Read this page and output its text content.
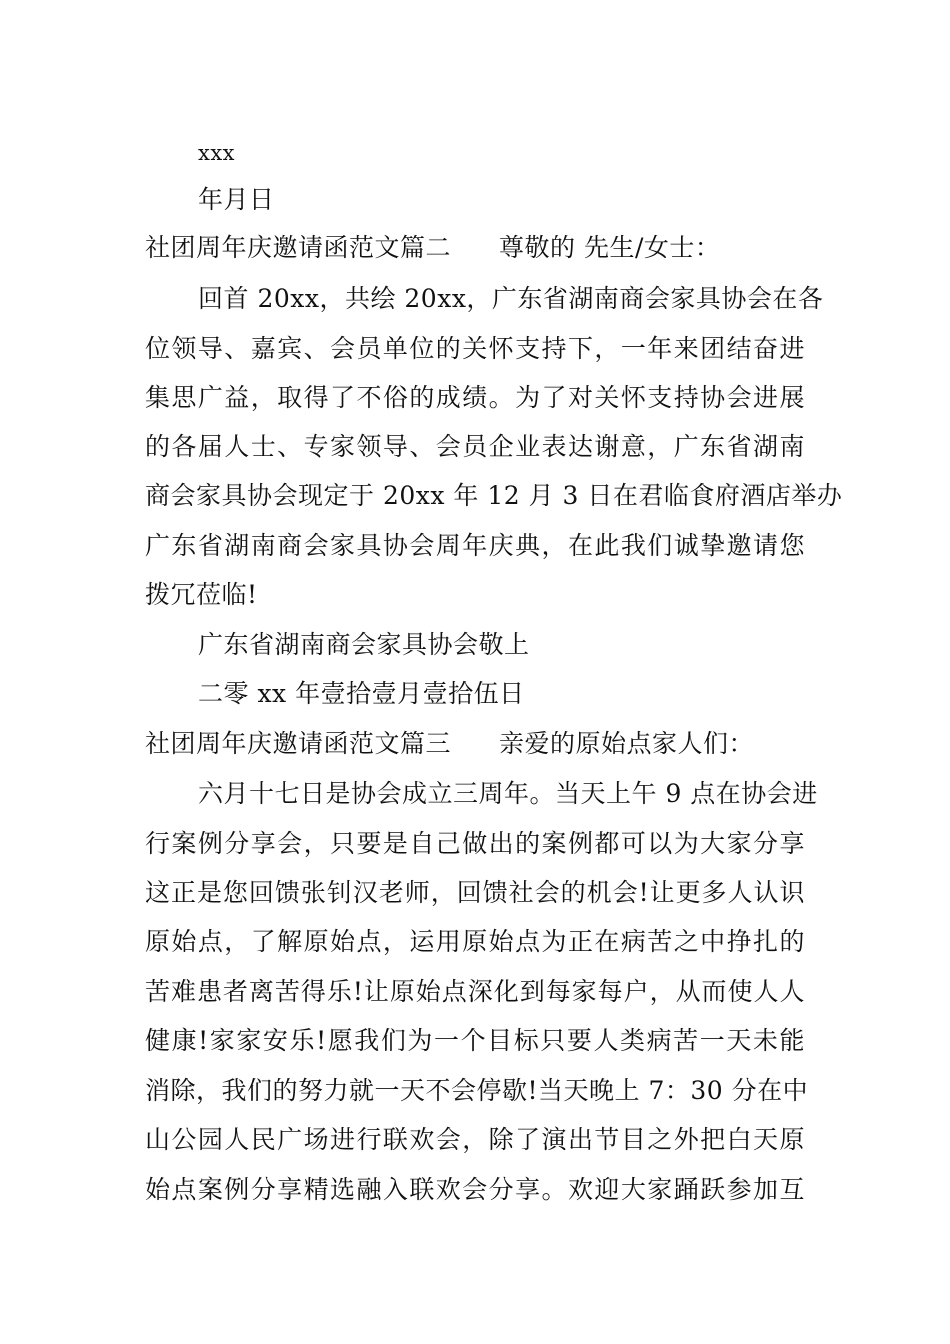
xxx
年月日
社团周年庆邀请函范文篇二 尊敬的 先生/女士：
回首 20xx，共绘 20xx，广东省湖南商会家具协会在各
位领导、嘉宾、会员单位的关怀支持下，一年来团结奋进
集思广益，取得了不俗的成绩。为了对关怀支持协会进展
的各届人士、专家领导、会员企业表达谢意，广东省湖南
商会家具协会现定于 20xx 年 12 月 3 日在君临食府酒店举办
广东省湖南商会家具协会周年庆典，在此我们诚挚邀请您
拨冗莅临!
广东省湖南商会家具协会敬上
二零 xx 年壹拾壹月壹拾伍日
社团周年庆邀请函范文篇三 亲爱的原始点家人们：
六月十七日是协会成立三周年。当天上午 9 点在协会进
行案例分享会，只要是自己做出的案例都可以为大家分享
这正是您回馈张钊汉老师，回馈社会的机会!让更多人认识
原始点，了解原始点，运用原始点为正在病苦之中挣扎的
苦难患者离苦得乐!让原始点深化到每家每户，从而使人人
健康!家家安乐!愿我们为一个目标只要人类病苦一天未能
消除，我们的努力就一天不会停歇!当天晚上 7：30 分在中
山公园人民广场进行联欢会，除了演出节目之外把白天原
始点案例分享精选融入联欢会分享。欢迎大家踊跃参加互
